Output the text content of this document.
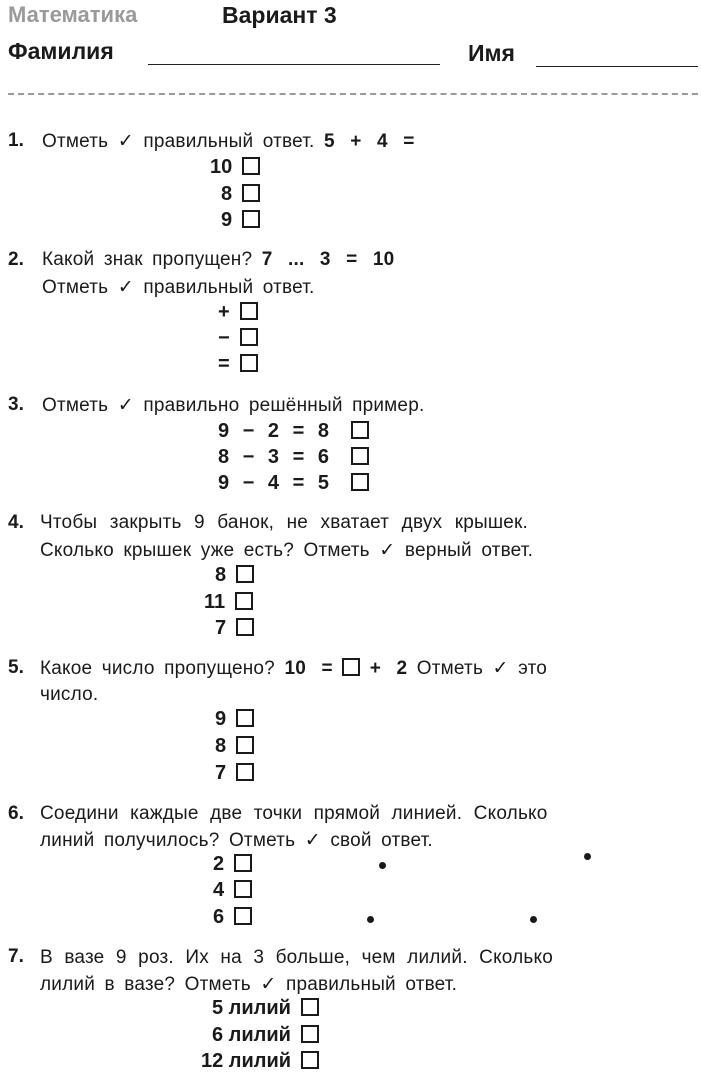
Математика	Вариант 3
Фамилия	Имя
1. Отметь ✓ правильный ответ. 5 + 4 =
10
8
9
2. Какой знак пропущен? 7 ... 3 = 10
Отметь ✓ правильный ответ.
+
−
=
3. Отметь ✓ правильно решённый пример.
9 − 2 = 8
8 − 3 = 6
9 − 4 = 5
4. Чтобы закрыть 9 банок, не хватает двух крышек.
Сколько крышек уже есть? Отметь ✓ верный ответ.
8
11
7
5. Какое число пропущено? 10 = + 2 Отметь ✓ это
число.
9
8
7
6. Соедини каждые две точки прямой линией. Сколько
линий получилось? Отметь ✓ свой ответ.
2
4
6
7. В вазе 9 роз. Их на 3 больше, чем лилий. Сколько
лилий в вазе? Отметь ✓ правильный ответ.
5 лилий
6 лилий
12 лилий
